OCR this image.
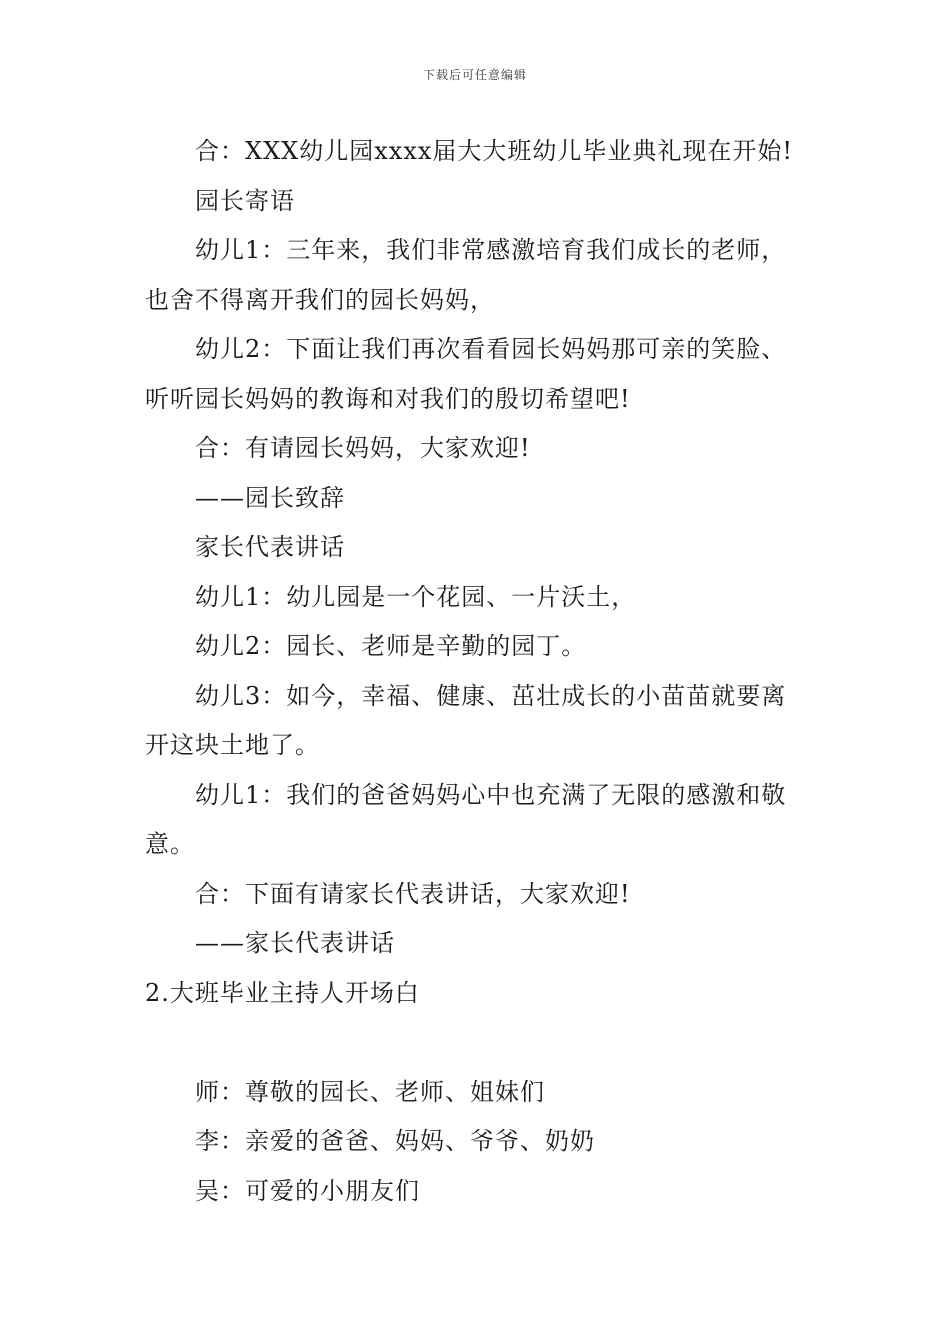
下载后可任意编辑

合：XXX幼儿园xxxx届大大班幼儿毕业典礼现在开始!

园长寄语

幼儿1：三年来，我们非常感激培育我们成长的老师，也舍不得离开我们的园长妈妈，

幼儿2：下面让我们再次看看园长妈妈那可亲的笑脸、听听园长妈妈的教诲和对我们的殷切希望吧!

合：有请园长妈妈，大家欢迎!

——园长致辞

家长代表讲话

幼儿1：幼儿园是一个花园、一片沃土，

幼儿2：园长、老师是辛勤的园丁。

幼儿3：如今，幸福、健康、茁壮成长的小苗苗就要离开这块土地了。

幼儿1：我们的爸爸妈妈心中也充满了无限的感激和敬意。

合：下面有请家长代表讲话，大家欢迎!

——家长代表讲话

2.大班毕业主持人开场白

师：尊敬的园长、老师、姐妹们

李：亲爱的爸爸、妈妈、爷爷、奶奶

吴：可爱的小朋友们
